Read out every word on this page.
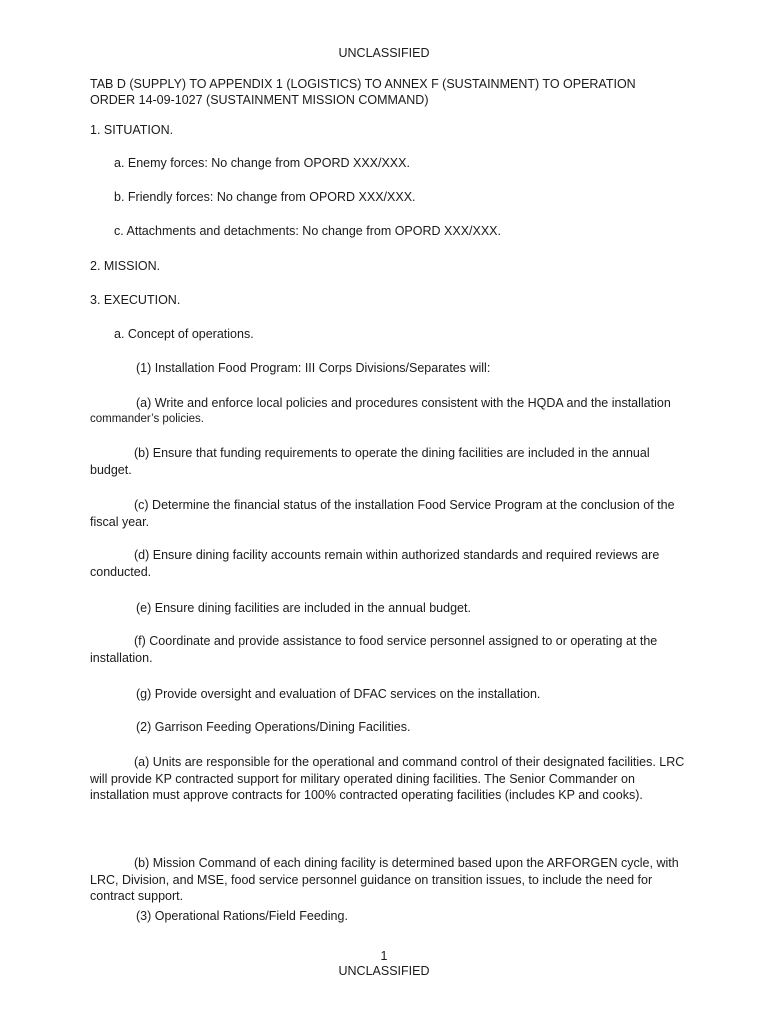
UNCLASSIFIED
TAB D (SUPPLY) TO APPENDIX 1 (LOGISTICS) TO ANNEX F (SUSTAINMENT) TO OPERATION
ORDER 14-09-1027 (SUSTAINMENT MISSION COMMAND)
1. SITUATION.
a. Enemy forces: No change from OPORD XXX/XXX.
b. Friendly forces: No change from OPORD XXX/XXX.
c. Attachments and detachments: No change from OPORD XXX/XXX.
2. MISSION.
3. EXECUTION.
a. Concept of operations.
(1) Installation Food Program: III Corps Divisions/Separates will:
(a) Write and enforce local policies and procedures consistent with the HQDA and the installation
commander’s policies.
(b) Ensure that funding requirements to operate the dining facilities are included in the annual budget.
(c) Determine the financial status of the installation Food Service Program at the conclusion of the fiscal year.
(d) Ensure dining facility accounts remain within authorized standards and required reviews are conducted.
(e) Ensure dining facilities are included in the annual budget.
(f) Coordinate and provide assistance to food service personnel assigned to or operating at the installation.
(g) Provide oversight and evaluation of DFAC services on the installation.
(2) Garrison Feeding Operations/Dining Facilities.
(a) Units are responsible for the operational and command control of their designated facilities. LRC will provide KP contracted support for military operated dining facilities. The Senior Commander on installation must approve contracts for 100% contracted operating facilities (includes KP and cooks).
(b) Mission Command of each dining facility is determined based upon the ARFORGEN cycle, with LRC, Division, and MSE, food service personnel guidance on transition issues, to include the need for contract support.
(3) Operational Rations/Field Feeding.
1
UNCLASSIFIED
